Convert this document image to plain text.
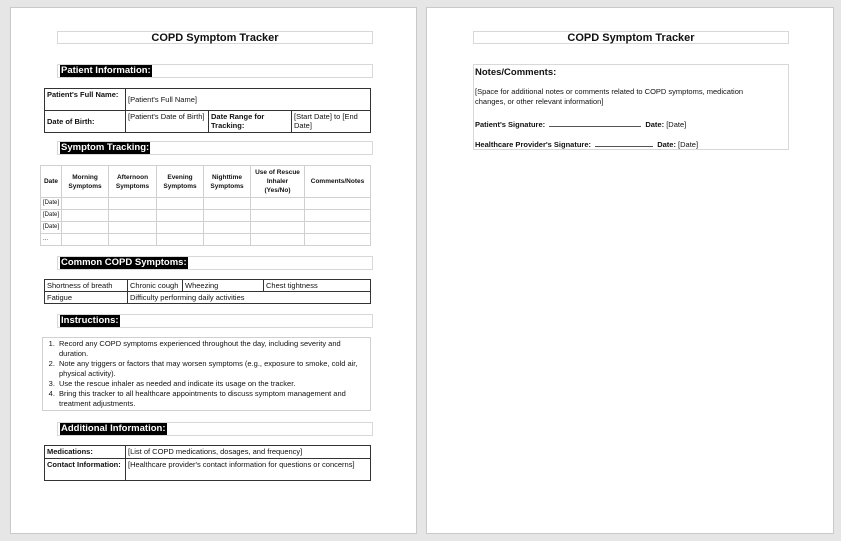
COPD Symptom Tracker
Patient Information:
Patient's Full Name:	[Patient's Full Name]		
Date of Birth:	[Patient's Date of Birth]	Date Range for Tracking:	[Start Date] to [End Date]
Symptom Tracking:
Date	Morning Symptoms	Afternoon Symptoms	Evening Symptoms	Nighttime Symptoms	Use of Rescue Inhaler (Yes/No)	Comments/Notes
[Date]						
[Date]						
[Date]						
...						
Common COPD Symptoms:
Shortness of breath	Chronic cough	Wheezing	Chest tightness
Fatigue	Difficulty performing daily activities		
Instructions:
1. Record any COPD symptoms experienced throughout the day, including severity and duration.
2. Note any triggers or factors that may worsen symptoms (e.g., exposure to smoke, cold air, physical activity).
3. Use the rescue inhaler as needed and indicate its usage on the tracker.
4. Bring this tracker to all healthcare appointments to discuss symptom management and treatment adjustments.
Additional Information:
Medications:	[List of COPD medications, dosages, and frequency]
Contact Information:	[Healthcare provider's contact information for questions or concerns]
COPD Symptom Tracker
Notes/Comments:
[Space for additional notes or comments related to COPD symptoms, medication changes, or other relevant information]
Patient's Signature:	Date: [Date]
Healthcare Provider's Signature:	Date: [Date]
